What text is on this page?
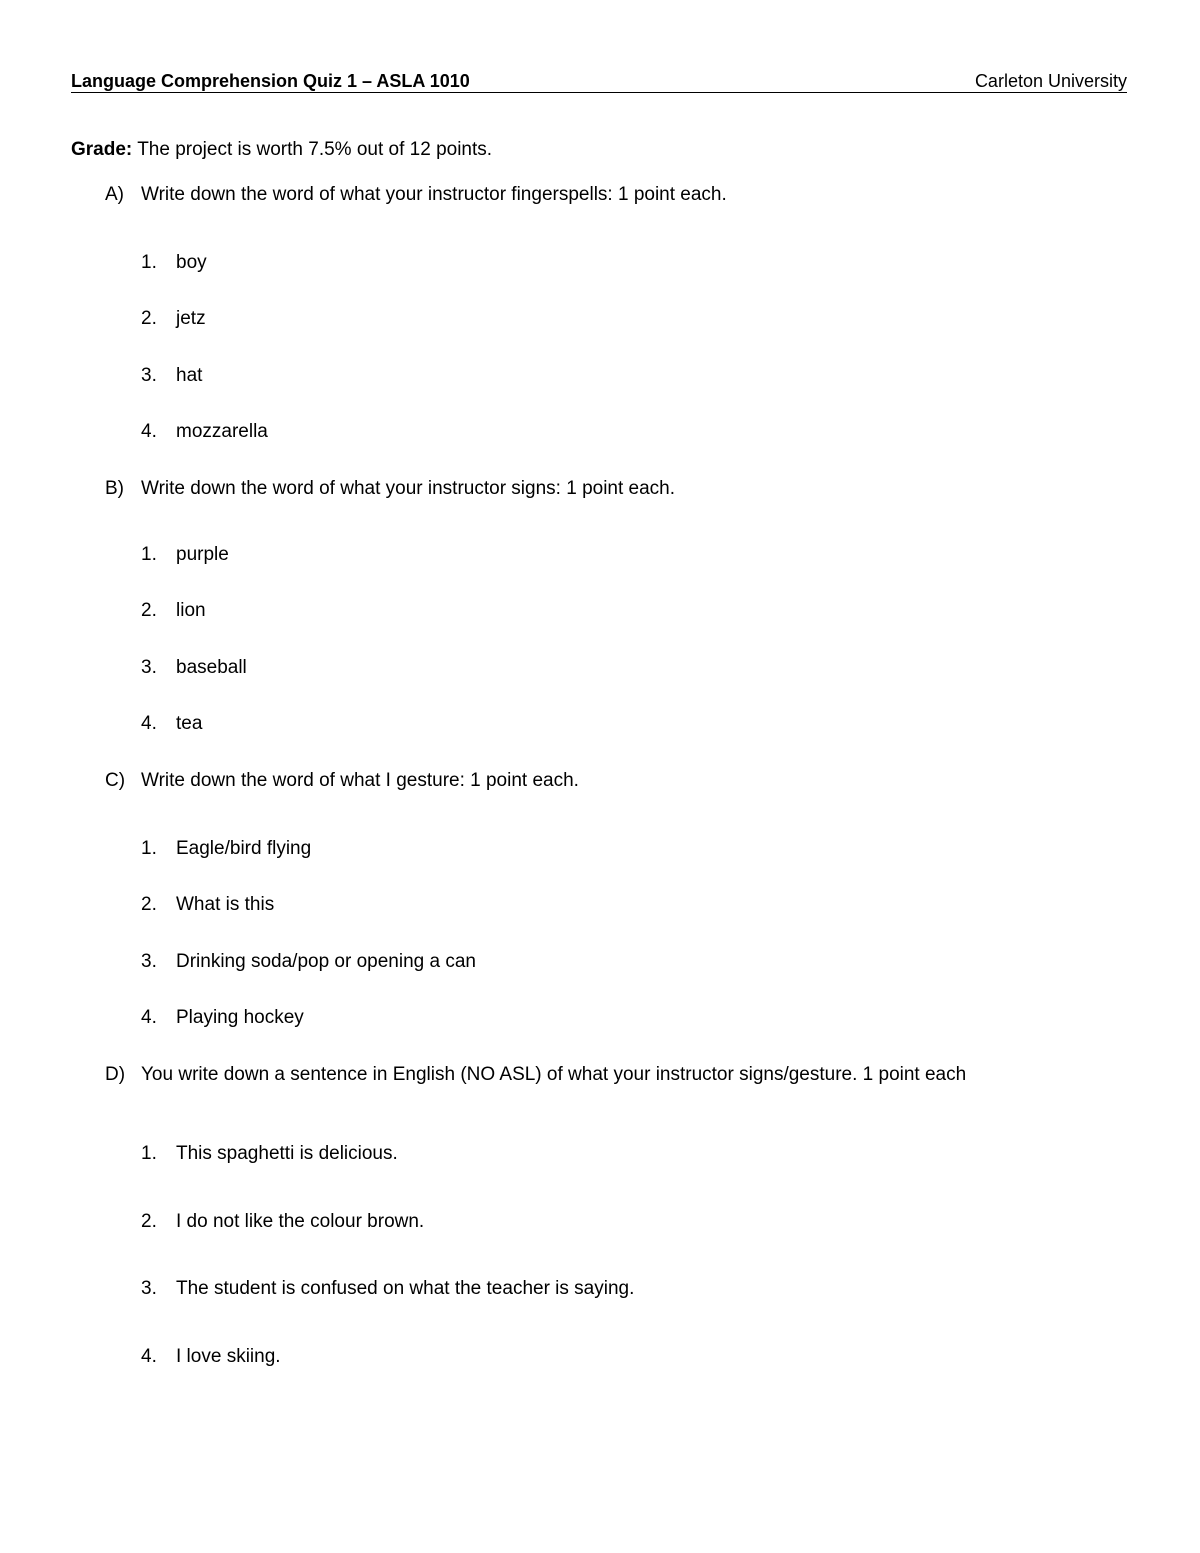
Language Comprehension Quiz 1 – ASLA 1010	Carleton University
Grade: The project is worth 7.5% out of 12 points.
A) Write down the word of what your instructor fingerspells: 1 point each.
1. boy
2. jetz
3. hat
4. mozzarella
B) Write down the word of what your instructor signs: 1 point each.
1. purple
2. lion
3. baseball
4. tea
C) Write down the word of what I gesture: 1 point each.
1. Eagle/bird flying
2. What is this
3. Drinking soda/pop or opening a can
4. Playing hockey
D) You write down a sentence in English (NO ASL) of what your instructor signs/gesture. 1 point each
1. This spaghetti is delicious.
2. I do not like the colour brown.
3. The student is confused on what the teacher is saying.
4. I love skiing.
